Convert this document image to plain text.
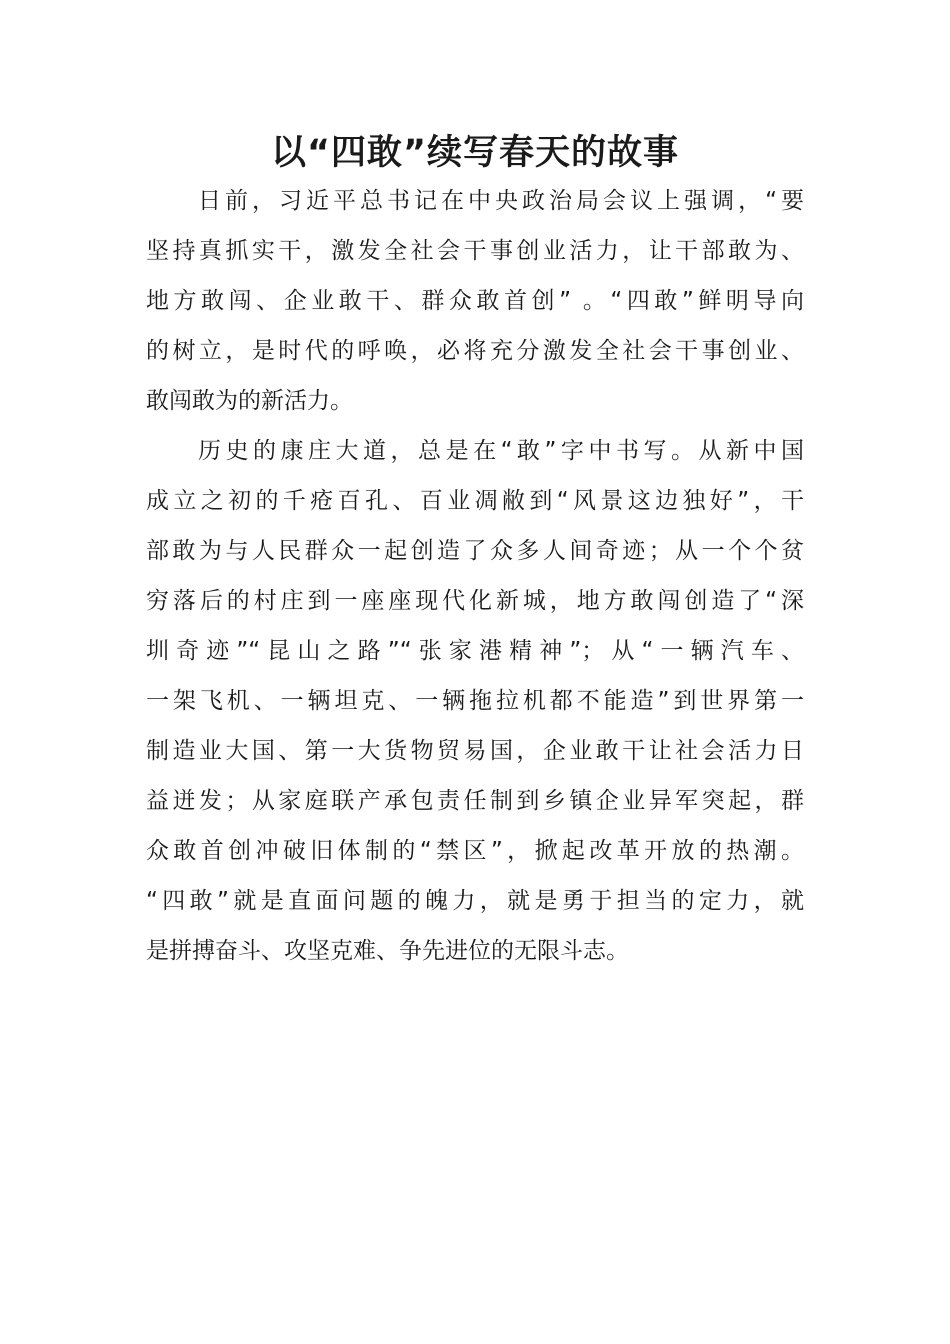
以“四敢”续写春天的故事
日前，习近平总书记在中央政治局会议上强调，“要
坚持真抓实干，激发全社会干事创业活力，让干部敢为、
地方敢闯、企业敢干、群众敢首创” 。“四敢”鲜明导向
的树立，是时代的呼唤，必将充分激发全社会干事创业、
敢闯敢为的新活力。
历史的康庄大道，总是在“敢”字中书写。从新中国
成立之初的千疮百孔、百业凋敝到“风景这边独好”，干
部敢为与人民群众一起创造了众多人间奇迹；从一个个贫
穷落后的村庄到一座座现代化新城，地方敢闯创造了“深
圳奇迹”“昆山之路”“张家港精神”；从“一辆汽车、
一架飞机、一辆坦克、一辆拖拉机都不能造”到世界第一
制造业大国、第一大货物贸易国，企业敢干让社会活力日
益迸发；从家庭联产承包责任制到乡镇企业异军突起，群
众敢首创冲破旧体制的“禁区”，掀起改革开放的热潮。
“四敢”就是直面问题的魄力，就是勇于担当的定力，就
是拼搏奋斗、攻坚克难、争先进位的无限斗志。
